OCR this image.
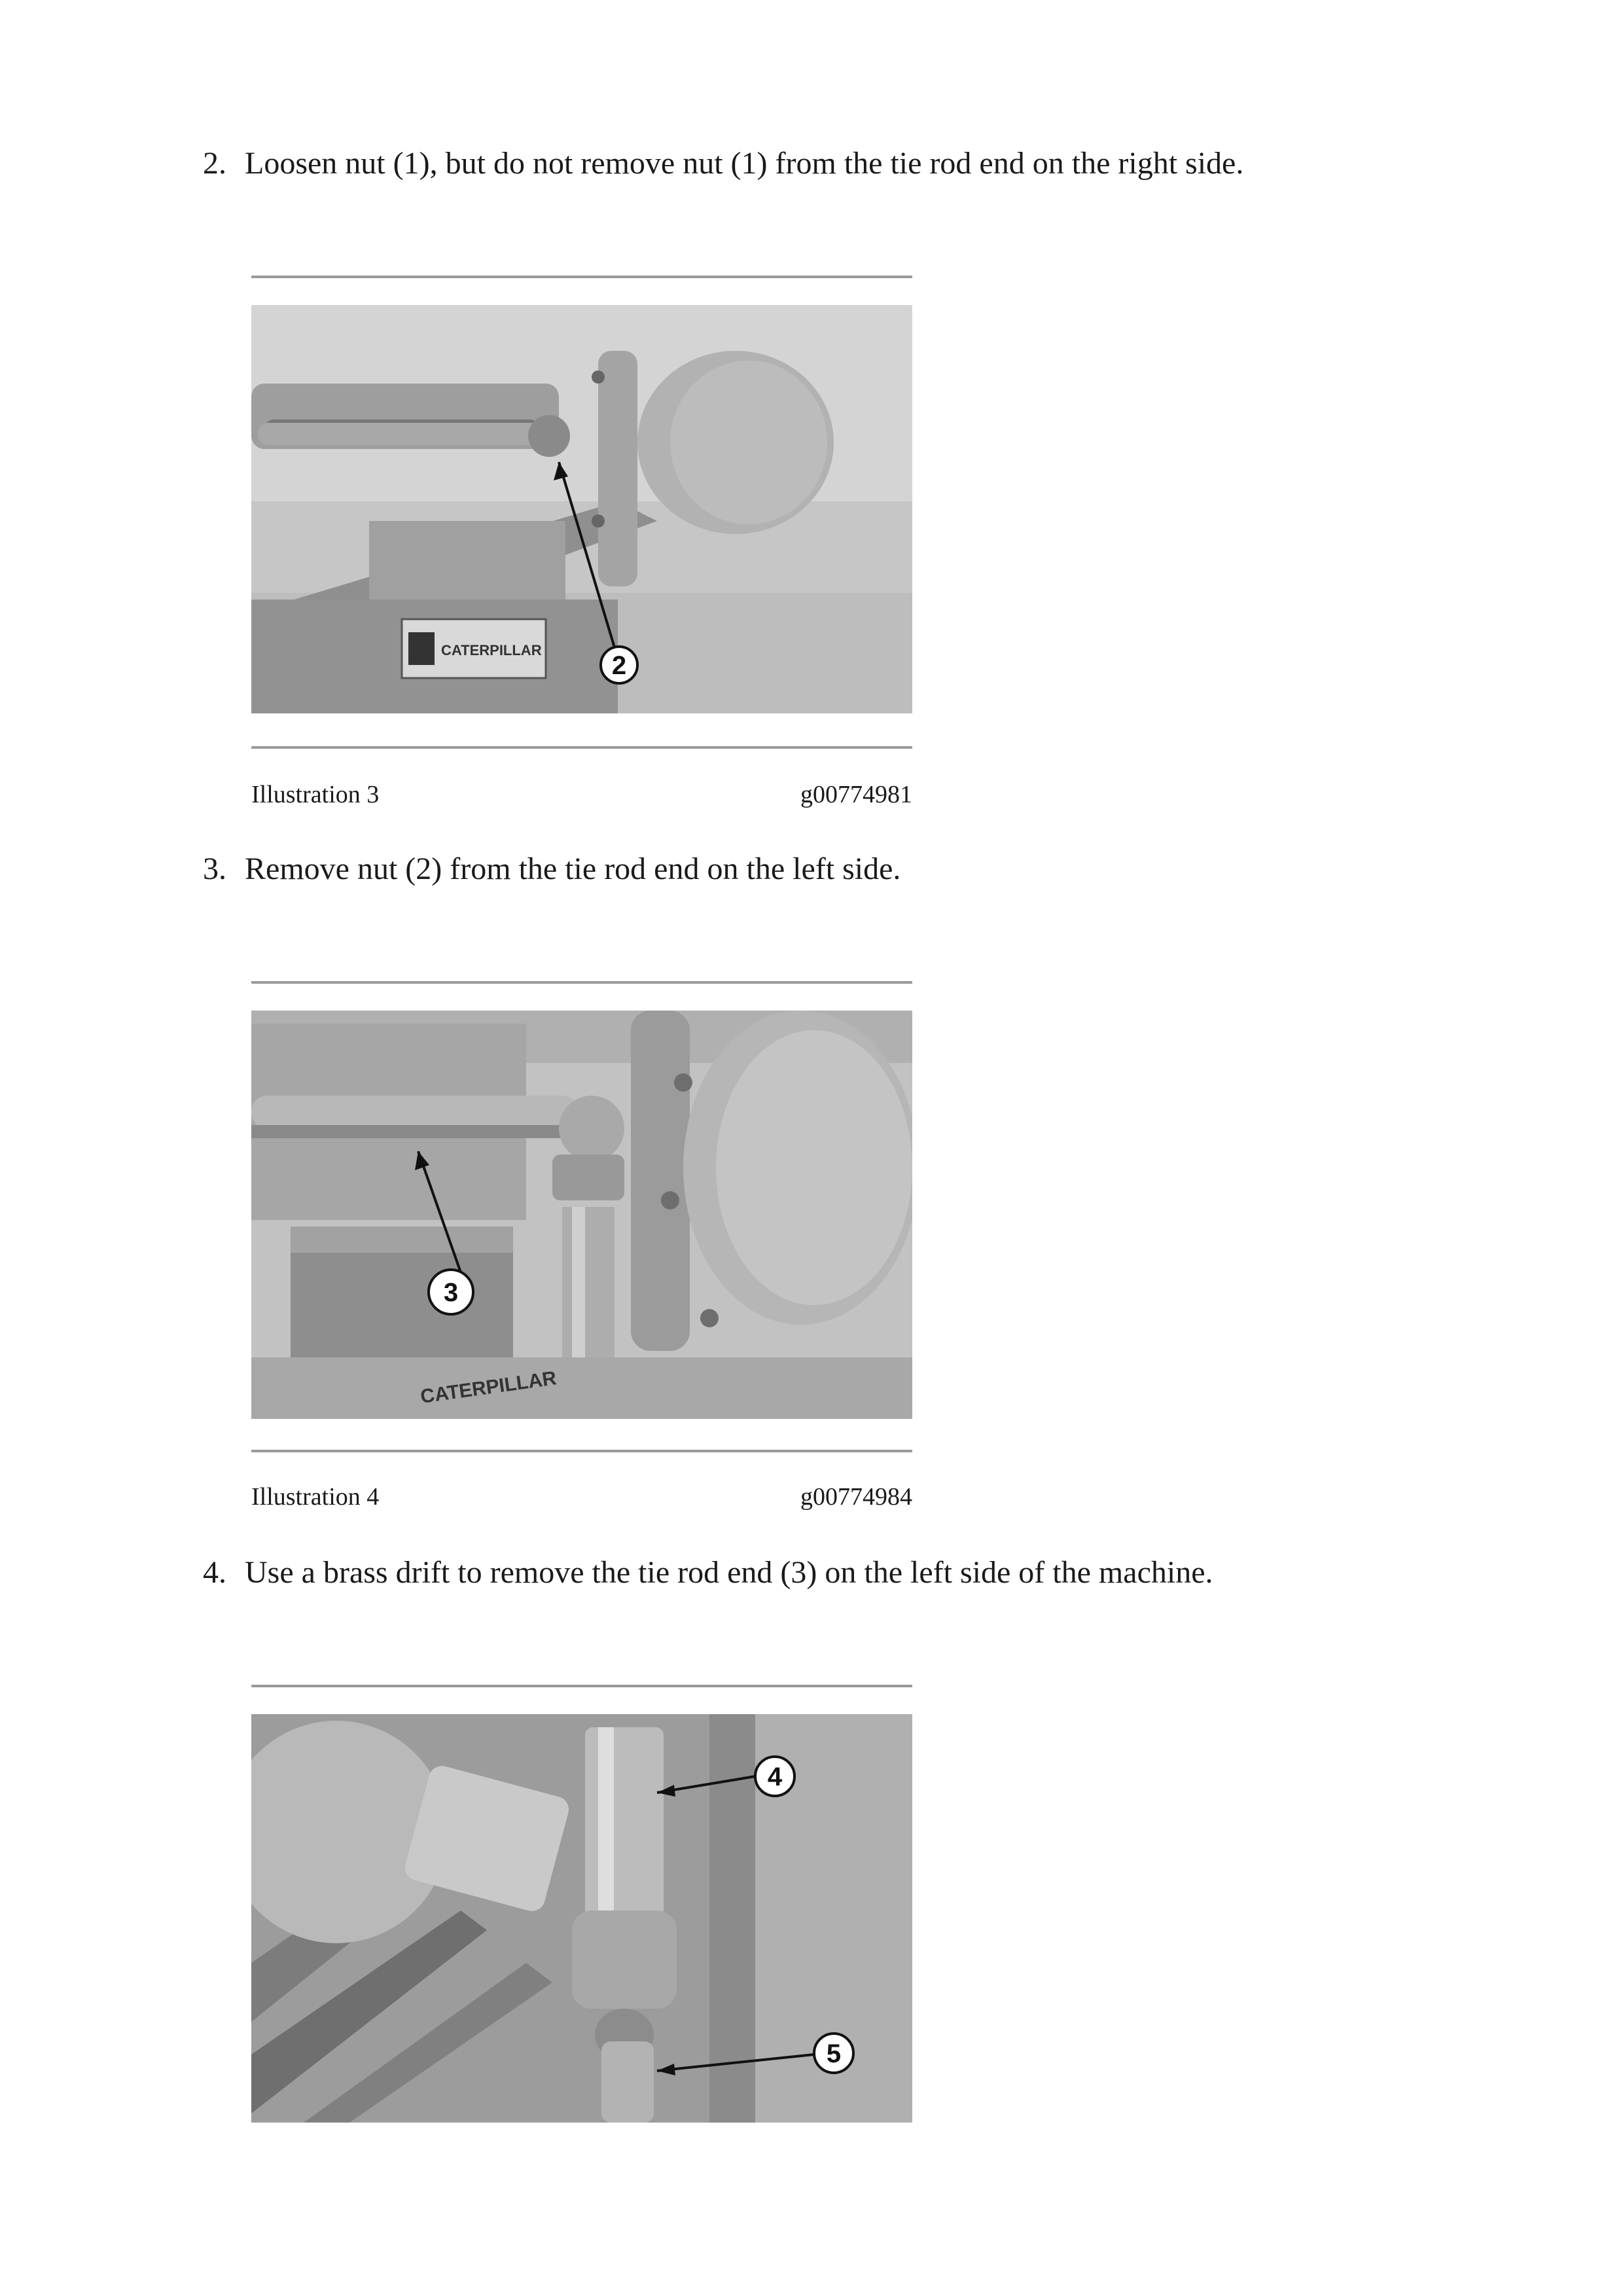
2. Loosen nut (1), but do not remove nut (1) from the tie rod end on the right side.
CATERPILLAR
2
Illustration 3	g00774981
3. Remove nut (2) from the tie rod end on the left side.
CATERPILLAR
3
Illustration 4	g00774984
4. Use a brass drift to remove the tie rod end (3) on the left side of the machine.
4
5
